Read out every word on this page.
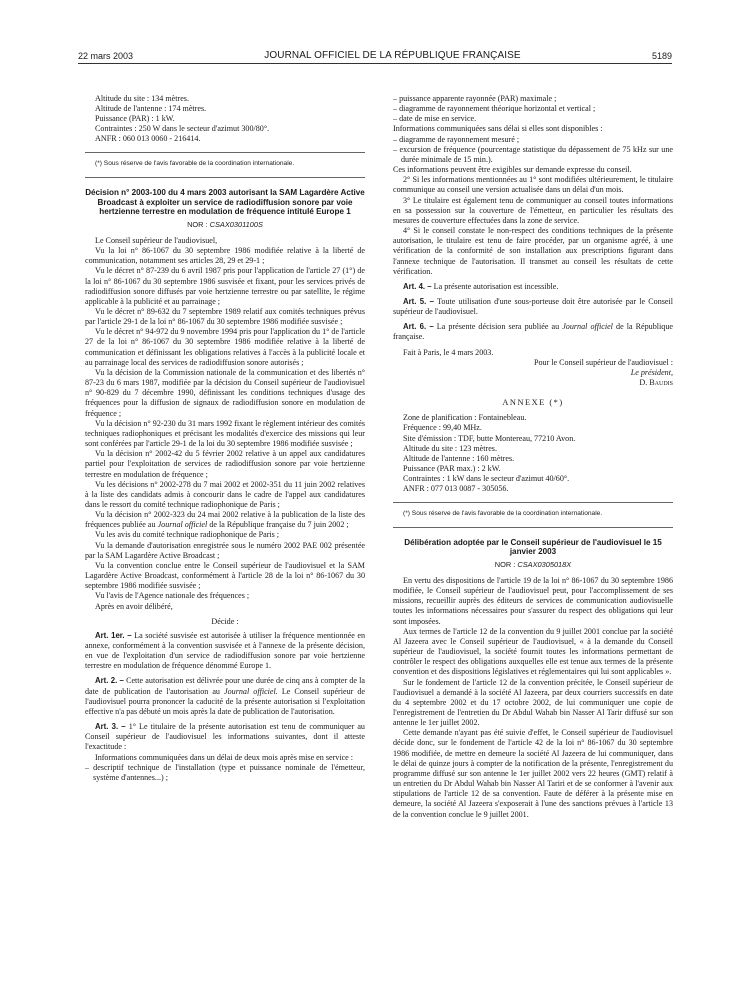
22 mars 2003	JOURNAL OFFICIEL DE LA RÉPUBLIQUE FRANÇAISE	5189

Altitude du site : 134 mètres.

Altitude de l'antenne : 174 mètres.

Puissance (PAR) : 1 kW.

Contraintes : 250 W dans le secteur d'azimut 300/80°.

ANFR : 060 013 0060 - 216414.

(*) Sous réserve de l'avis favorable de la coordination internationale.

Décision n° 2003-100 du 4 mars 2003 autorisant la SAM Lagardère Active Broadcast à exploiter un service de radiodiffusion sonore par voie hertzienne terrestre en modulation de fréquence intitulé Europe 1

NOR : CSAX0301100S

Le Conseil supérieur de l'audiovisuel,

Vu la loi n° 86-1067 du 30 septembre 1986 modifiée relative à la liberté de communication, notamment ses articles 28, 29 et 29-1 ;

Vu le décret n° 87-239 du 6 avril 1987 pris pour l'application de l'article 27 (1°) de la loi n° 86-1067 du 30 septembre 1986 susvisée et fixant, pour les services privés de radiodiffusion sonore diffusés par voie hertzienne terrestre ou par satellite, le régime applicable à la publicité et au parrainage ;

Vu le décret n° 89-632 du 7 septembre 1989 relatif aux comités techniques prévus par l'article 29-1 de la loi n° 86-1067 du 30 septembre 1986 modifiée susvisée ;

Vu le décret n° 94-972 du 9 novembre 1994 pris pour l'application du 1° de l'article 27 de la loi n° 86-1067 du 30 septembre 1986 modifiée relative à la liberté de communication et définissant les obligations relatives à l'accès à la publicité locale et au parrainage local des services de radiodiffusion sonore autorisés ;

Vu la décision de la Commission nationale de la communication et des libertés n° 87-23 du 6 mars 1987, modifiée par la décision du Conseil supérieur de l'audiovisuel n° 90-829 du 7 décembre 1990, définissant les conditions techniques d'usage des fréquences pour la diffusion de signaux de radiodiffusion sonore en modulation de fréquence ;

Vu la décision n° 92-230 du 31 mars 1992 fixant le règlement intérieur des comités techniques radiophoniques et précisant les modalités d'exercice des missions qui leur sont conférées par l'article 29-1 de la loi du 30 septembre 1986 modifiée susvisée ;

Vu la décision n° 2002-42 du 5 février 2002 relative à un appel aux candidatures partiel pour l'exploitation de services de radiodiffusion sonore par voie hertzienne terrestre en modulation de fréquence ;

Vu les décisions n° 2002-278 du 7 mai 2002 et 2002-351 du 11 juin 2002 relatives à la liste des candidats admis à concourir dans le cadre de l'appel aux candidatures dans le ressort du comité technique radiophonique de Paris ;

Vu la décision n° 2002-323 du 24 mai 2002 relative à la publication de la liste des fréquences publiée au Journal officiel de la République française du 7 juin 2002 ;

Vu les avis du comité technique radiophonique de Paris ;

Vu la demande d'autorisation enregistrée sous le numéro 2002 PAE 002 présentée par la SAM Lagardère Active Broadcast ;

Vu la convention conclue entre le Conseil supérieur de l'audiovisuel et la SAM Lagardère Active Broadcast, conformément à l'article 28 de la loi n° 86-1067 du 30 septembre 1986 modifiée susvisée ;

Vu l'avis de l'Agence nationale des fréquences ;

Après en avoir délibéré,

Décide :

Art. 1er. – La société susvisée est autorisée à utiliser la fréquence mentionnée en annexe, conformément à la convention susvisée et à l'annexe de la présente décision, en vue de l'exploitation d'un service de radiodiffusion sonore par voie hertzienne terrestre en modulation de fréquence dénommé Europe 1.

Art. 2. – Cette autorisation est délivrée pour une durée de cinq ans à compter de la date de publication de l'autorisation au Journal officiel. Le Conseil supérieur de l'audiovisuel pourra prononcer la caducité de la présente autorisation si l'exploitation effective n'a pas débuté un mois après la date de publication de l'autorisation.

Art. 3. – 1° Le titulaire de la présente autorisation est tenu de communiquer au Conseil supérieur de l'audiovisuel les informations suivantes, dont il atteste l'exactitude :

Informations communiquées dans un délai de deux mois après mise en service :

– descriptif technique de l'installation (type et puissance nominale de l'émetteur, système d'antennes...) ;

– puissance apparente rayonnée (PAR) maximale ;

– diagramme de rayonnement théorique horizontal et vertical ;

– date de mise en service.

Informations communiquées sans délai si elles sont disponibles :

– diagramme de rayonnement mesuré ;

– excursion de fréquence (pourcentage statistique du dépassement de 75 kHz sur une durée minimale de 15 min.).

Ces informations peuvent être exigibles sur demande expresse du conseil.

2° Si les informations mentionnées au 1° sont modifiées ultérieurement, le titulaire communique au conseil une version actualisée dans un délai d'un mois.

3° Le titulaire est également tenu de communiquer au conseil toutes informations en sa possession sur la couverture de l'émetteur, en particulier les résultats des mesures de couverture effectuées dans la zone de service.

4° Si le conseil constate le non-respect des conditions techniques de la présente autorisation, le titulaire est tenu de faire procéder, par un organisme agréé, à une vérification de la conformité de son installation aux prescriptions figurant dans l'annexe technique de l'autorisation. Il transmet au conseil les résultats de cette vérification.

Art. 4. – La présente autorisation est incessible.

Art. 5. – Toute utilisation d'une sous-porteuse doit être autorisée par le Conseil supérieur de l'audiovisuel.

Art. 6. – La présente décision sera publiée au Journal officiel de la République française.

Fait à Paris, le 4 mars 2003.

Pour le Conseil supérieur de l'audiovisuel :

Le président,

D. Baudis

ANNEXE (*)

Zone de planification : Fontainebleau.

Fréquence : 99,40 MHz.

Site d'émission : TDF, butte Montereau, 77210 Avon.

Altitude du site : 123 mètres.

Altitude de l'antenne : 160 mètres.

Puissance (PAR max.) : 2 kW.

Contraintes : 1 kW dans le secteur d'azimut 40/60°.

ANFR : 077 013 0087 - 305056.

(*) Sous réserve de l'avis favorable de la coordination internationale.

Délibération adoptée par le Conseil supérieur de l'audiovisuel le 15 janvier 2003

NOR : CSAX0305018X

En vertu des dispositions de l'article 19 de la loi n° 86-1067 du 30 septembre 1986 modifiée, le Conseil supérieur de l'audiovisuel peut, pour l'accomplissement de ses missions, recueillir auprès des éditeurs de services de communication audiovisuelle toutes les informations nécessaires pour s'assurer du respect des obligations qui leur sont imposées.

Aux termes de l'article 12 de la convention du 9 juillet 2001 conclue par la société Al Jazeera avec le Conseil supérieur de l'audiovisuel, « à la demande du Conseil supérieur de l'audiovisuel, la société fournit toutes les informations permettant de contrôler le respect des obligations auxquelles elle est tenue aux termes de la présente convention et des dispositions législatives et réglementaires qui lui sont applicables ».

Sur le fondement de l'article 12 de la convention précitée, le Conseil supérieur de l'audiovisuel a demandé à la société Al Jazeera, par deux courriers successifs en date du 4 septembre 2002 et du 17 octobre 2002, de lui communiquer une copie de l'enregistrement de l'entretien du Dr Abdul Wahab bin Nasser Al Tarir diffusé sur son antenne le 1er juillet 2002.

Cette demande n'ayant pas été suivie d'effet, le Conseil supérieur de l'audiovisuel décide donc, sur le fondement de l'article 42 de la loi n° 86-1067 du 30 septembre 1986 modifiée, de mettre en demeure la société Al Jazeera de lui communiquer, dans le délai de quinze jours à compter de la notification de la présente, l'enregistrement du programme diffusé sur son antenne le 1er juillet 2002 vers 22 heures (GMT) relatif à un entretien du Dr Abdul Wahab bin Nasser Al Tariri et de se conformer à l'avenir aux stipulations de l'article 12 de sa convention. Faute de déférer à la présente mise en demeure, la société Al Jazeera s'exposerait à l'une des sanctions prévues à l'article 13 de la convention conclue le 9 juillet 2001.
